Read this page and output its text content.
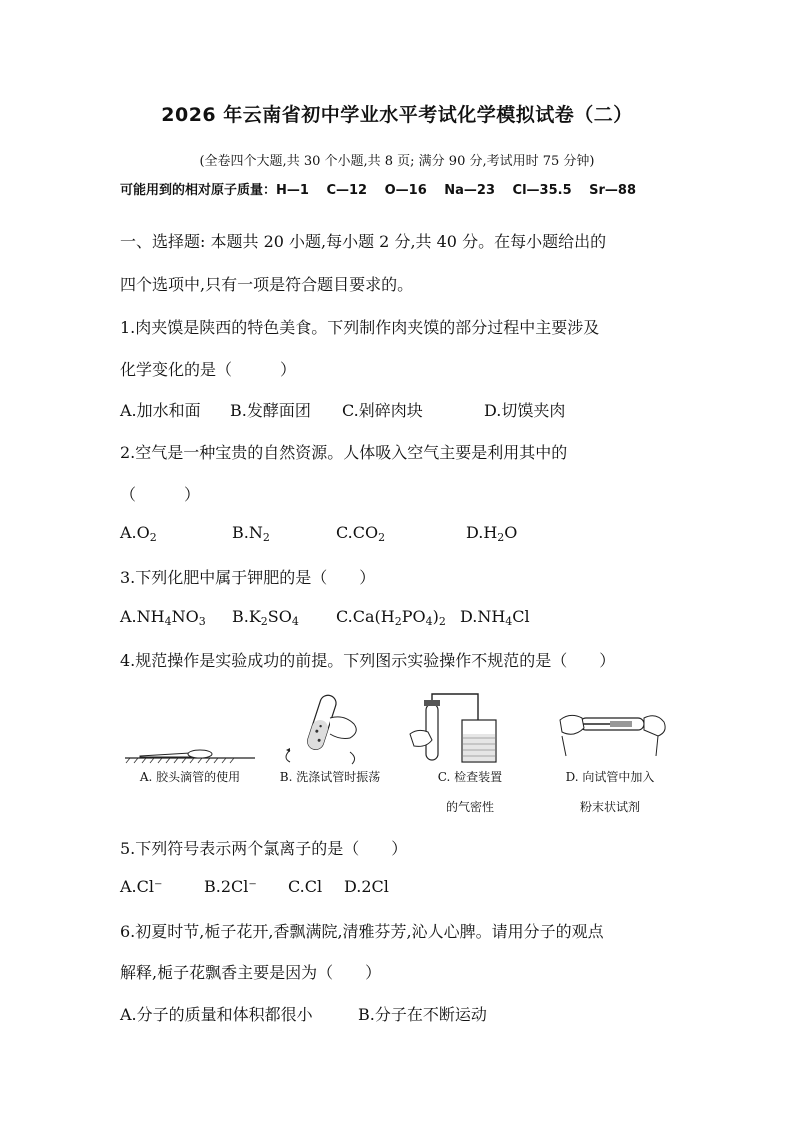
2026 年云南省初中学业水平考试化学模拟试卷（二）
(全卷四个大题,共 30 个小题,共 8 页; 满分 90 分,考试用时 75 分钟)
可能用到的相对原子质量：H—1　 C—12　 O—16　 Na—23　 Cl—35.5　 Sr—88
一、选择题: 本题共 20 小题,每小题 2 分,共 40 分。在每小题给出的
四个选项中,只有一项是符合题目要求的。
1.肉夹馍是陕西的特色美食。下列制作肉夹馍的部分过程中主要涉及
化学变化的是（　　　）
A.加水和面 B.发酵面团 C.剁碎肉块	D.切馍夹肉
2.空气是一种宝贵的自然资源。人体吸入空气主要是利用其中的
（　　　）
$A.O_2$	$B.N_2$	$C.CO_2$	$D.H_2O$
3.下列化肥中属于钾肥的是（　　）
$A.NH_4NO_3$ $B.K_2SO_4$ $C.Ca(H_2PO_4)_2$ $D.NH_4Cl$
4.规范操作是实验成功的前提。下列图示实验操作不规范的是（　　）
A. 胶头滴管的使用	B. 洗涤试管时振荡	C. 检查装置
的气密性
D. 向试管中加入
粉末状试剂
5.下列符号表示两个氯离子的是（　　）
A.Cl⁻	B.2Cl⁻ C.Cl D.2Cl
6.初夏时节,栀子花开,香飘满院,清雅芬芳,沁人心脾。请用分子的观点
解释,栀子花飘香主要是因为（　　）
A.分子的质量和体积都很小	B.分子在不断运动
